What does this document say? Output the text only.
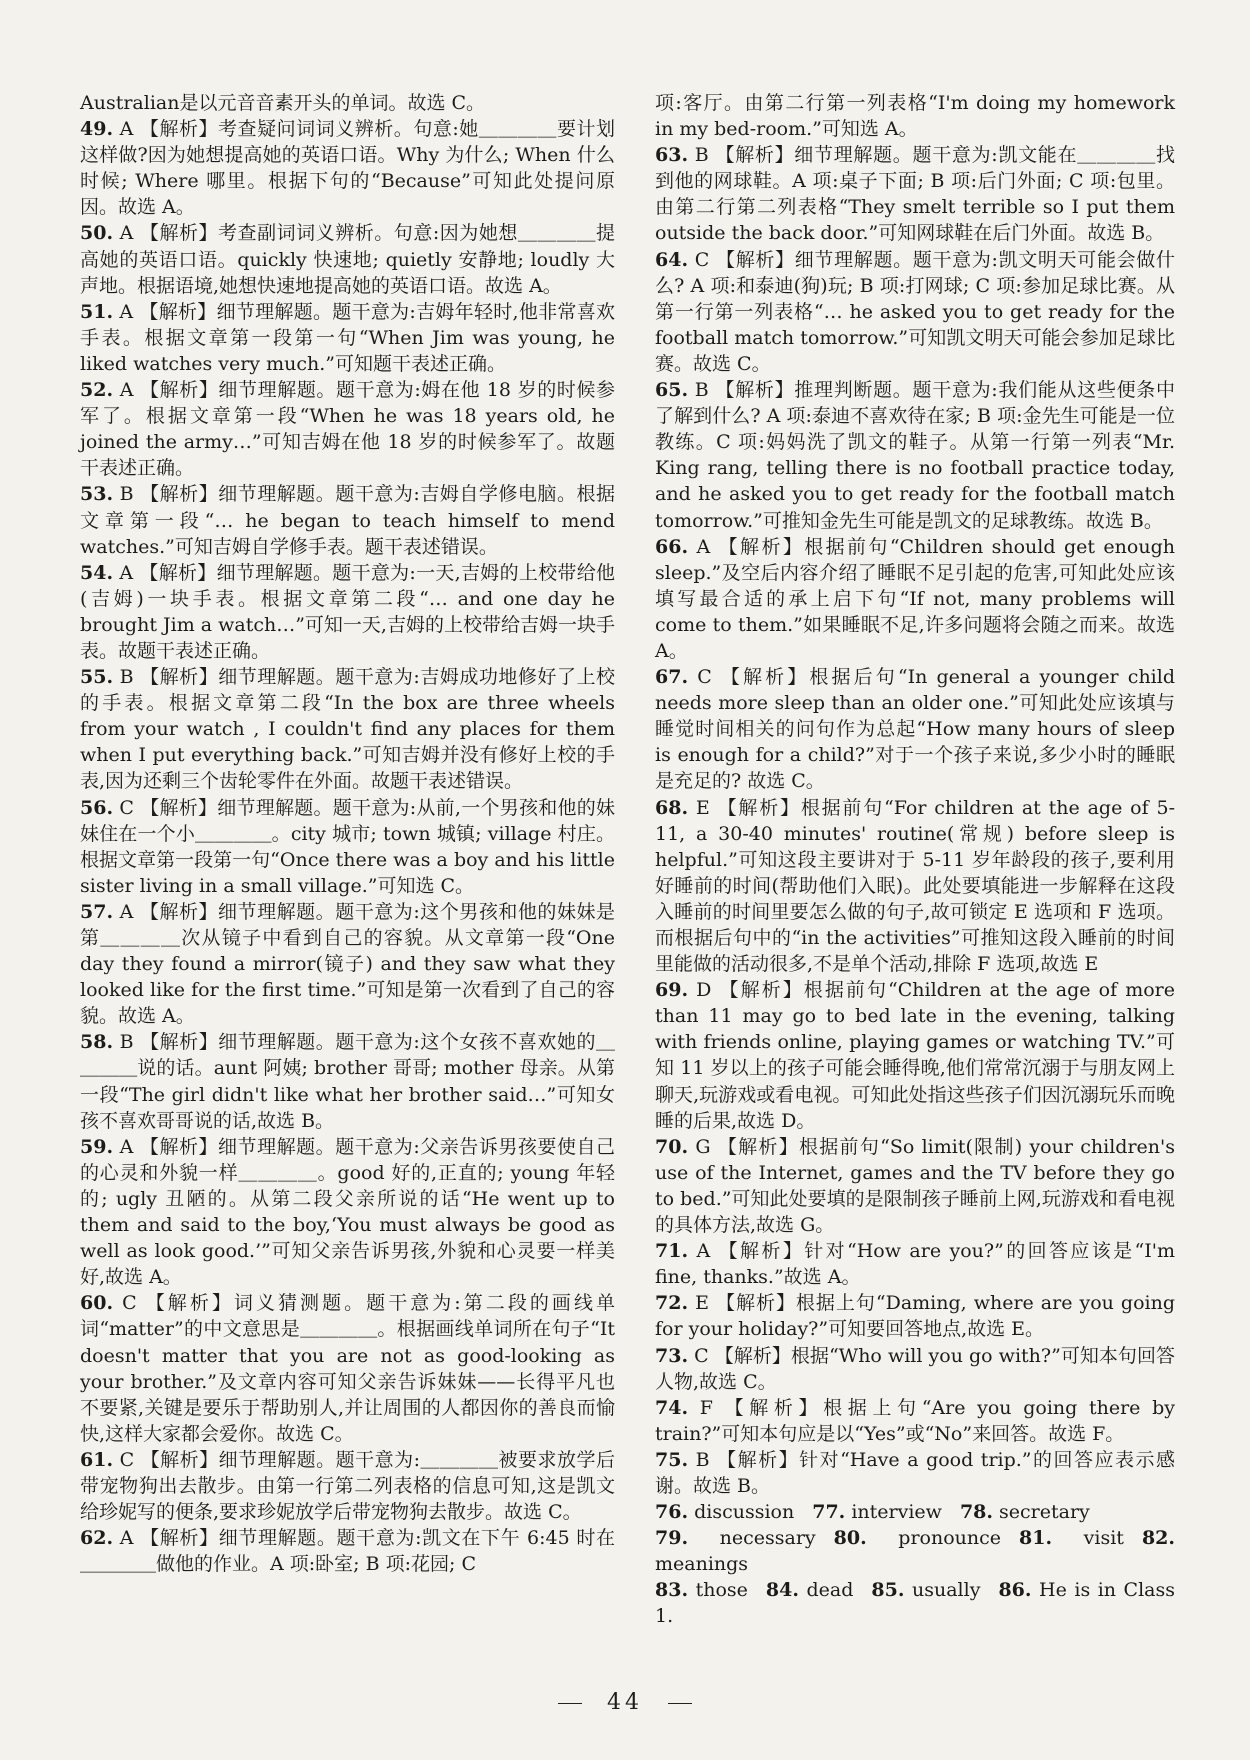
Australian是以元音音素开头的单词。故选 C。

49. A 【解析】考查疑问词词义辨析。句意:她＿＿＿＿要计划这样做?因为她想提高她的英语口语。Why 为什么; When 什么时候; Where 哪里。根据下句的“Because”可知此处提问原因。故选 A。

50. A 【解析】考查副词词义辨析。句意:因为她想＿＿＿＿提高她的英语口语。quickly 快速地; quietly 安静地; loudly 大声地。根据语境,她想快速地提高她的英语口语。故选 A。

51. A 【解析】细节理解题。题干意为:吉姆年轻时,他非常喜欢手表。根据文章第一段第一句“When Jim was young, he liked watches very much.”可知题干表述正确。

52. A 【解析】细节理解题。题干意为:姆在他 18 岁的时候参军了。根据文章第一段“When he was 18 years old, he joined the army…”可知吉姆在他 18 岁的时候参军了。故题干表述正确。

53. B 【解析】细节理解题。题干意为:吉姆自学修电脑。根据文章第一段“… he began to teach himself to mend watches.”可知吉姆自学修手表。题干表述错误。

54. A 【解析】细节理解题。题干意为:一天,吉姆的上校带给他(吉姆)一块手表。根据文章第二段“… and one day he brought Jim a watch…”可知一天,吉姆的上校带给吉姆一块手表。故题干表述正确。

55. B 【解析】细节理解题。题干意为:吉姆成功地修好了上校的手表。根据文章第二段“In the box are three wheels from your watch , I couldn't find any places for them when I put everything back.”可知吉姆并没有修好上校的手表,因为还剩三个齿轮零件在外面。故题干表述错误。

56. C 【解析】细节理解题。题干意为:从前,一个男孩和他的妹妹住在一个小＿＿＿＿。city 城市; town 城镇; village 村庄。根据文章第一段第一句“Once there was a boy and his little sister living in a small village.”可知选 C。

57. A 【解析】细节理解题。题干意为:这个男孩和他的妹妹是第＿＿＿＿次从镜子中看到自己的容貌。从文章第一段“One day they found a mirror(镜子) and they saw what they looked like for the first time.”可知是第一次看到了自己的容貌。故选 A。

58. B 【解析】细节理解题。题干意为:这个女孩不喜欢她的＿＿＿＿说的话。aunt 阿姨; brother 哥哥; mother 母亲。从第一段“The girl didn't like what her brother said…”可知女孩不喜欢哥哥说的话,故选 B。

59. A 【解析】细节理解题。题干意为:父亲告诉男孩要使自己的心灵和外貌一样＿＿＿＿。good 好的,正直的; young 年轻的; ugly 丑陋的。从第二段父亲所说的话“He went up to them and said to the boy,‘You must always be good as well as look good.’”可知父亲告诉男孩,外貌和心灵要一样美好,故选 A。

60. C 【解析】词义猜测题。题干意为:第二段的画线单词“matter”的中文意思是＿＿＿＿。根据画线单词所在句子“It doesn't matter that you are not as good-looking as your brother.”及文章内容可知父亲告诉妹妹——长得平凡也不要紧,关键是要乐于帮助别人,并让周围的人都因你的善良而愉快,这样大家都会爱你。故选 C。

61. C 【解析】细节理解题。题干意为:＿＿＿＿被要求放学后带宠物狗出去散步。由第一行第二列表格的信息可知,这是凯文给珍妮写的便条,要求珍妮放学后带宠物狗去散步。故选 C。

62. A 【解析】细节理解题。题干意为:凯文在下午 6:45 时在＿＿＿＿做他的作业。A 项:卧室; B 项:花园; C

项:客厅。由第二行第一列表格“I'm doing my homework in my bed-room.”可知选 A。

63. B 【解析】细节理解题。题干意为:凯文能在＿＿＿＿找到他的网球鞋。A 项:桌子下面; B 项:后门外面; C 项:包里。由第二行第二列表格“They smelt terrible so I put them outside the back door.”可知网球鞋在后门外面。故选 B。

64. C 【解析】细节理解题。题干意为:凯文明天可能会做什么? A 项:和泰迪(狗)玩; B 项:打网球; C 项:参加足球比赛。从第一行第一列表格“… he asked you to get ready for the football match tomorrow.”可知凯文明天可能会参加足球比赛。故选 C。

65. B 【解析】推理判断题。题干意为:我们能从这些便条中了解到什么? A 项:泰迪不喜欢待在家; B 项:金先生可能是一位教练。C 项:妈妈洗了凯文的鞋子。从第一行第一列表“Mr. King rang, telling there is no football practice today, and he asked you to get ready for the football match tomorrow.”可推知金先生可能是凯文的足球教练。故选 B。

66. A 【解析】根据前句“Children should get enough sleep.”及空后内容介绍了睡眠不足引起的危害,可知此处应该填写最合适的承上启下句“If not, many problems will come to them.”如果睡眠不足,许多问题将会随之而来。故选 A。

67. C 【解析】根据后句“In general a younger child needs more sleep than an older one.”可知此处应该填与睡觉时间相关的问句作为总起“How many hours of sleep is enough for a child?”对于一个孩子来说,多少小时的睡眠是充足的? 故选 C。

68. E 【解析】根据前句“For children at the age of 5-11, a 30-40 minutes' routine(常规) before sleep is helpful.”可知这段主要讲对于 5-11 岁年龄段的孩子,要利用好睡前的时间(帮助他们入眠)。此处要填能进一步解释在这段入睡前的时间里要怎么做的句子,故可锁定 E 选项和 F 选项。而根据后句中的“in the activities”可推知这段入睡前的时间里能做的活动很多,不是单个活动,排除 F 选项,故选 E

69. D 【解析】根据前句“Children at the age of more than 11 may go to bed late in the evening, talking with friends online, playing games or watching TV.”可知 11 岁以上的孩子可能会睡得晚,他们常常沉溺于与朋友网上聊天,玩游戏或看电视。可知此处指这些孩子们因沉溺玩乐而晚睡的后果,故选 D。

70. G 【解析】根据前句“So limit(限制) your children's use of the Internet, games and the TV before they go to bed.”可知此处要填的是限制孩子睡前上网,玩游戏和看电视的具体方法,故选 G。

71. A 【解析】针对“How are you?”的回答应该是“I'm fine, thanks.”故选 A。

72. E 【解析】根据上句“Daming, where are you going for your holiday?”可知要回答地点,故选 E。

73. C 【解析】根据“Who will you go with?”可知本句回答人物,故选 C。

74. F 【解析】根据上句“Are you going there by train?”可知本句应是以“Yes”或“No”来回答。故选 F。

75. B 【解析】针对“Have a good trip.”的回答应表示感谢。故选 B。

76. discussion 77. interview 78. secretary

79. necessary 80. pronounce 81. visit 82. meanings

83. those 84. dead 85. usually 86. He is in Class 1.

44
